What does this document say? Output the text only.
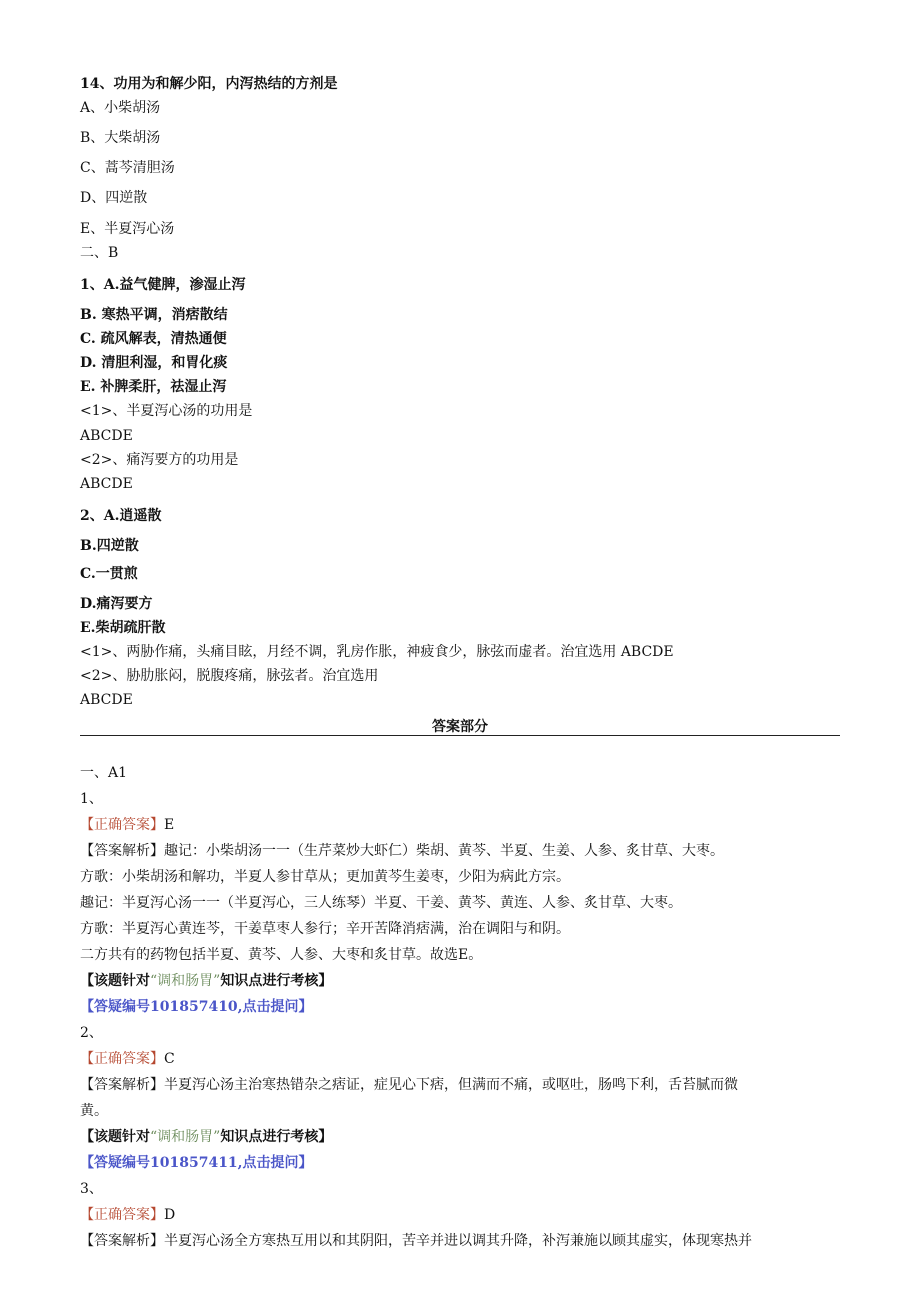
14、功用为和解少阳，内泻热结的方剂是
A、小柴胡汤
B、大柴胡汤
C、蒿芩清胆汤
D、四逆散
E、半夏泻心汤
二、B
1、A.益气健脾，渗湿止泻
B. 寒热平调，消痞散结
C. 疏风解表，清热通便
D. 清胆利湿，和胃化痰
E. 补脾柔肝，祛湿止泻
<1>、半夏泻心汤的功用是
ABCDE
<2>、痛泻要方的功用是
ABCDE
2、A.逍遥散
B.四逆散
C.一贯煎
D.痛泻要方
E.柴胡疏肝散
<1>、两胁作痛，头痛目眩，月经不调，乳房作胀，神疲食少，脉弦而虚者。治宜选用 ABCDE
<2>、胁肋胀闷，脱腹疼痛，脉弦者。治宜选用
ABCDE
答案部分
一、A1
1、
【正确答案】E
【答案解析】趣记：小柴胡汤一一（生芹菜炒大虾仁）柴胡、黄芩、半夏、生姜、人参、炙甘草、大枣。
方歌：小柴胡汤和解功，半夏人参甘草从；更加黄芩生姜枣，少阳为病此方宗。
趣记：半夏泻心汤一一（半夏泻心，三人练琴）半夏、干姜、黄芩、黄连、人参、炙甘草、大枣。
方歌：半夏泻心黄连芩，干姜草枣人参行；辛开苦降消痞满，治在调阳与和阴。
二方共有的药物包括半夏、黄芩、人参、大枣和炙甘草。故选E。
【该题针对“调和肠胃”知识点进行考核】
【答疑编号101857410,点击提问】
2、
【正确答案】C
【答案解析】半夏泻心汤主治寒热错杂之痞证，症见心下痞，但满而不痛，或呕吐，肠鸣下利，舌苔腻而微
黄。
【该题针对“调和肠胃”知识点进行考核】
【答疑编号101857411,点击提问】
3、
【正确答案】D
【答案解析】半夏泻心汤全方寒热互用以和其阴阳，苦辛并进以调其升降，补泻兼施以顾其虚实，体现寒热并
